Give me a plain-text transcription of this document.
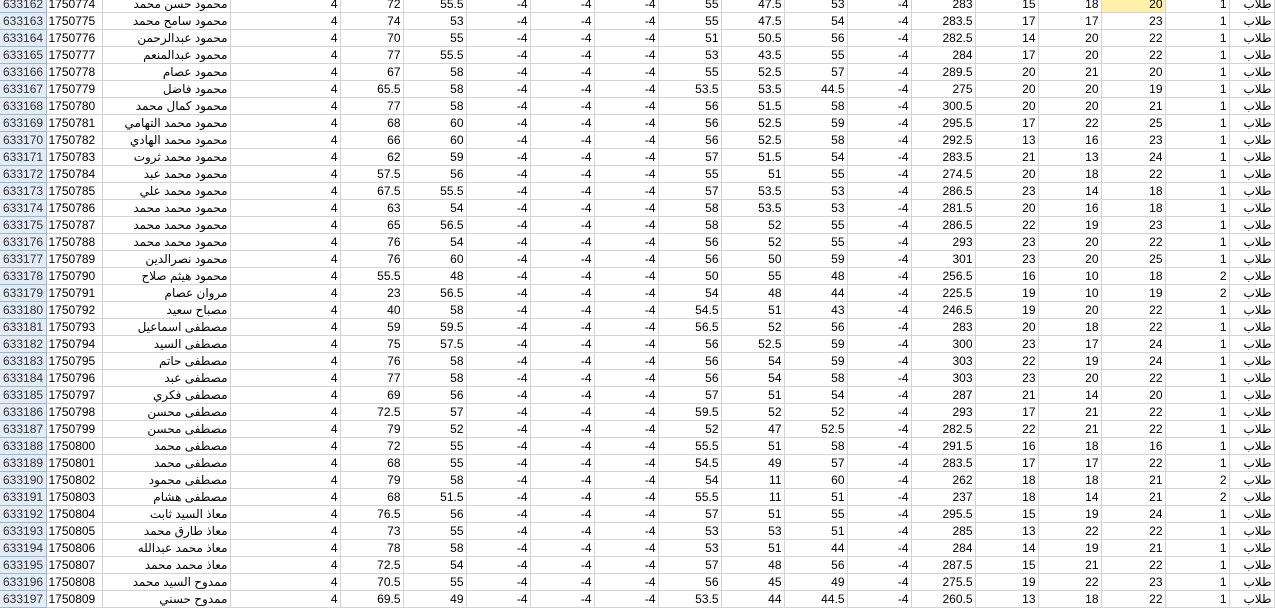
633162	1750774	محمود حسن محمد	4	72	55.5	-4	-4	-4	55	47.5	53	-4	283	15	18	20	1	طلاب
633163	1750775	محمود سامح محمد	4	74	53	-4	-4	-4	55	47.5	54	-4	283.5	17	17	23	1	طلاب
633164	1750776	محمود عبدالرحمن	4	70	55	-4	-4	-4	51	50.5	56	-4	282.5	14	20	22	1	طلاب
633165	1750777	محمود عبدالمنعم	4	77	55.5	-4	-4	-4	53	43.5	55	-4	284	17	20	22	1	طلاب
633166	1750778	محمود عصام	4	67	58	-4	-4	-4	55	52.5	57	-4	289.5	20	21	20	1	طلاب
633167	1750779	محمود فاضل	4	65.5	58	-4	-4	-4	53.5	53.5	44.5	-4	275	20	20	19	1	طلاب
633168	1750780	محمود كمال محمد	4	77	58	-4	-4	-4	56	51.5	58	-4	300.5	20	20	21	1	طلاب
633169	1750781	محمود محمد التهامي	4	68	60	-4	-4	-4	56	52.5	59	-4	295.5	17	22	25	1	طلاب
633170	1750782	محمود محمد الهادي	4	66	60	-4	-4	-4	56	52.5	58	-4	292.5	13	16	23	1	طلاب
633171	1750783	محمود محمد ثروت	4	62	59	-4	-4	-4	57	51.5	54	-4	283.5	21	13	24	1	طلاب
633172	1750784	محمود محمد عبد	4	57.5	56	-4	-4	-4	55	51	55	-4	274.5	20	18	22	1	طلاب
633173	1750785	محمود محمد علي	4	67.5	55.5	-4	-4	-4	57	53.5	53	-4	286.5	23	14	18	1	طلاب
633174	1750786	محمود محمد محمد	4	63	54	-4	-4	-4	58	53.5	53	-4	281.5	20	16	18	1	طلاب
633175	1750787	محمود محمد محمد	4	65	56.5	-4	-4	-4	58	52	55	-4	286.5	22	19	23	1	طلاب
633176	1750788	محمود محمد محمد	4	76	54	-4	-4	-4	56	52	55	-4	293	23	20	22	1	طلاب
633177	1750789	محمود نصرالدين	4	76	60	-4	-4	-4	56	50	59	-4	301	23	20	25	1	طلاب
633178	1750790	محمود هيثم صلاح	4	55.5	48	-4	-4	-4	50	55	48	-4	256.5	16	10	18	2	طلاب
633179	1750791	مروان عصام	4	23	56.5	-4	-4	-4	54	48	44	-4	225.5	19	10	19	2	طلاب
633180	1750792	مصباح سعيد	4	40	58	-4	-4	-4	54.5	51	43	-4	246.5	19	20	22	1	طلاب
633181	1750793	مصطفى اسماعيل	4	59	59.5	-4	-4	-4	56.5	52	56	-4	283	20	18	22	1	طلاب
633182	1750794	مصطفى السيد	4	75	57.5	-4	-4	-4	56	52.5	59	-4	300	23	17	24	1	طلاب
633183	1750795	مصطفى حاتم	4	76	58	-4	-4	-4	56	54	59	-4	303	22	19	24	1	طلاب
633184	1750796	مصطفى عبد	4	77	58	-4	-4	-4	56	54	58	-4	303	23	20	22	1	طلاب
633185	1750797	مصطفى فكري	4	69	56	-4	-4	-4	57	51	54	-4	287	21	14	20	1	طلاب
633186	1750798	مصطفى محسن	4	72.5	57	-4	-4	-4	59.5	52	52	-4	293	17	21	22	1	طلاب
633187	1750799	مصطفى محسن	4	79	52	-4	-4	-4	52	47	52.5	-4	282.5	22	21	22	1	طلاب
633188	1750800	مصطفى محمد	4	72	55	-4	-4	-4	55.5	51	58	-4	291.5	16	18	16	1	طلاب
633189	1750801	مصطفى محمد	4	68	55	-4	-4	-4	54.5	49	57	-4	283.5	17	17	22	1	طلاب
633190	1750802	مصطفى محمود	4	79	58	-4	-4	-4	54	11	60	-4	262	18	18	21	2	طلاب
633191	1750803	مصطفى هشام	4	68	51.5	-4	-4	-4	55.5	11	51	-4	237	18	14	21	2	طلاب
633192	1750804	معاذ السيد ثابت	4	76.5	56	-4	-4	-4	57	51	55	-4	295.5	15	19	24	1	طلاب
633193	1750805	معاذ طارق محمد	4	73	55	-4	-4	-4	53	53	51	-4	285	13	22	22	1	طلاب
633194	1750806	معاذ محمد عبدالله	4	78	58	-4	-4	-4	53	51	44	-4	284	14	19	21	1	طلاب
633195	1750807	معاذ محمد محمد	4	72.5	54	-4	-4	-4	57	48	56	-4	287.5	15	21	22	1	طلاب
633196	1750808	ممدوح السيد محمد	4	70.5	55	-4	-4	-4	56	45	49	-4	275.5	19	22	23	1	طلاب
633197	1750809	ممدوح حسني	4	69.5	49	-4	-4	-4	53.5	44	44.5	-4	260.5	13	18	22	1	طلاب
